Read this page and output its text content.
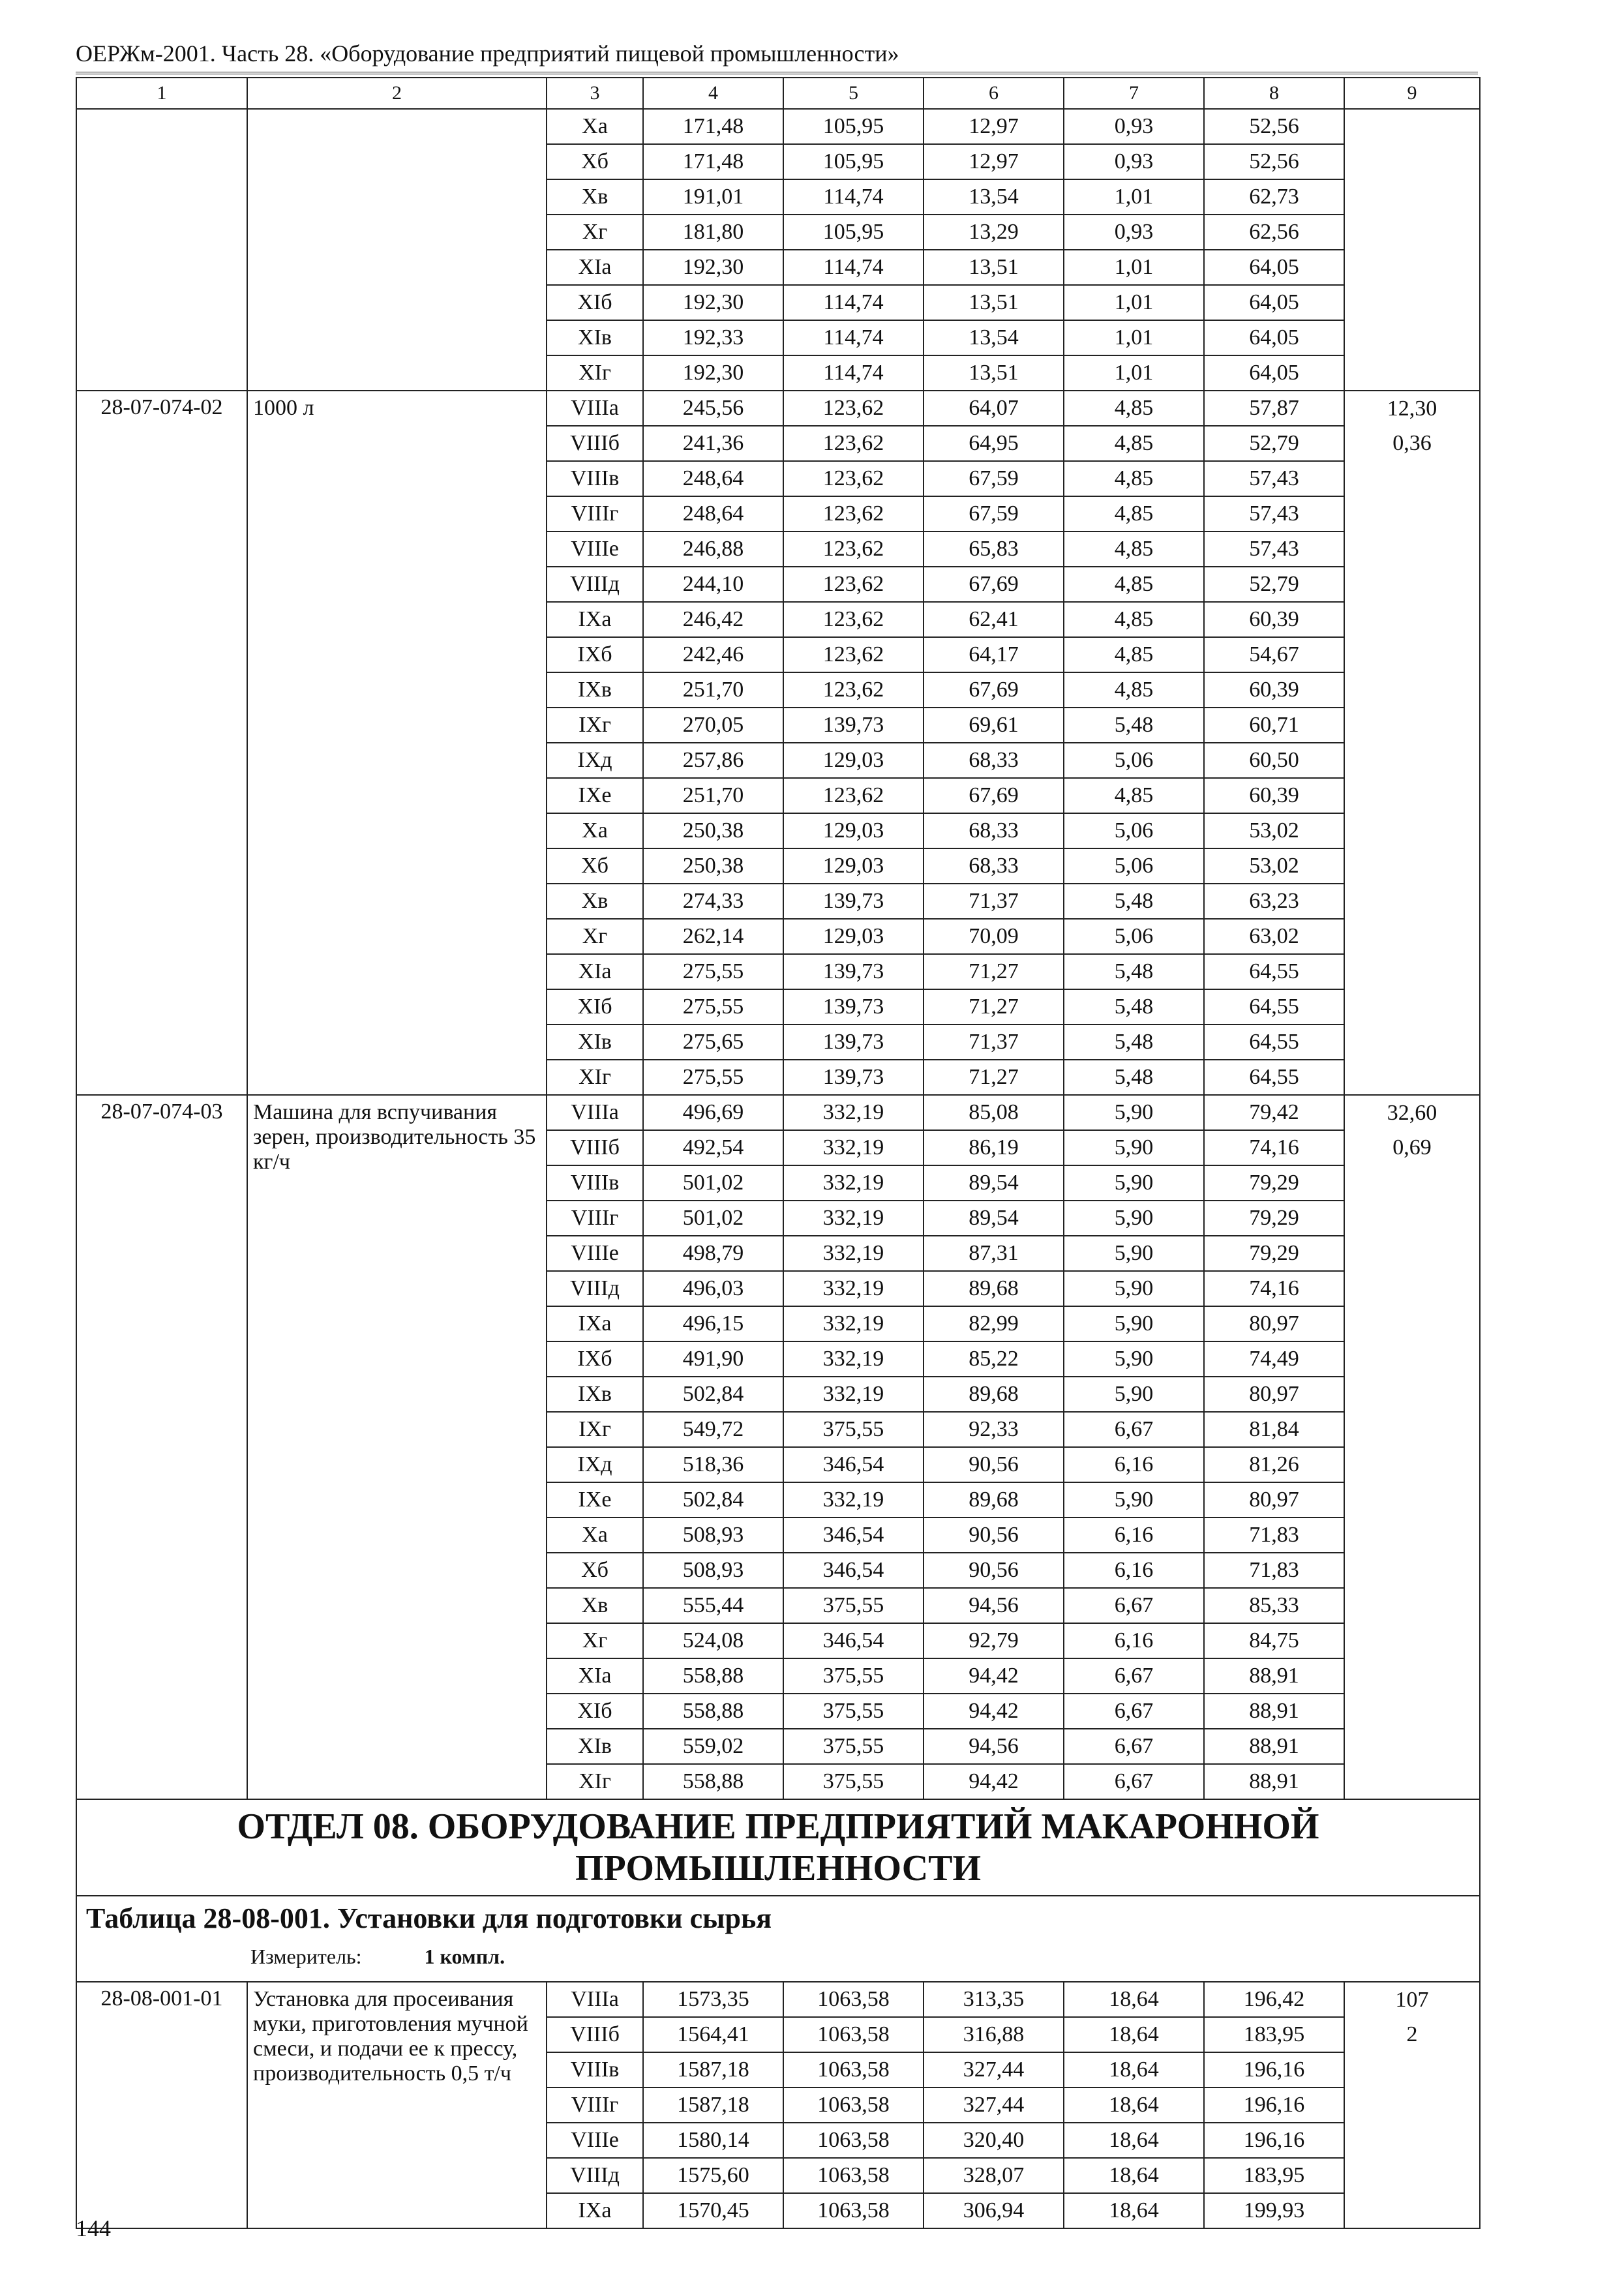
ОЕРЖм-2001. Часть 28. «Оборудование предприятий пищевой промышленности»
1	2	3	4	5	6	7	8	9
		Xа	171,48	105,95	12,97	0,93	52,56	
		Xб	171,48	105,95	12,97	0,93	52,56	
		Xв	191,01	114,74	13,54	1,01	62,73	
		Xг	181,80	105,95	13,29	0,93	62,56	
		XIа	192,30	114,74	13,51	1,01	64,05	
		XIб	192,30	114,74	13,51	1,01	64,05	
		XIв	192,33	114,74	13,54	1,01	64,05	
		XIг	192,30	114,74	13,51	1,01	64,05	
28-07-074-02	1000 л	VIIIа	245,56	123,62	64,07	4,85	57,87	12,30
		VIIIб	241,36	123,62	64,95	4,85	52,79	0,36
		VIIIв	248,64	123,62	67,59	4,85	57,43	
		VIIIг	248,64	123,62	67,59	4,85	57,43	
		VIIIе	246,88	123,62	65,83	4,85	57,43	
		VIIIд	244,10	123,62	67,69	4,85	52,79	
		IXа	246,42	123,62	62,41	4,85	60,39	
		IXб	242,46	123,62	64,17	4,85	54,67	
		IXв	251,70	123,62	67,69	4,85	60,39	
		IXг	270,05	139,73	69,61	5,48	60,71	
		IXд	257,86	129,03	68,33	5,06	60,50	
		IXе	251,70	123,62	67,69	4,85	60,39	
		Xа	250,38	129,03	68,33	5,06	53,02	
		Xб	250,38	129,03	68,33	5,06	53,02	
		Xв	274,33	139,73	71,37	5,48	63,23	
		Xг	262,14	129,03	70,09	5,06	63,02	
		XIа	275,55	139,73	71,27	5,48	64,55	
		XIб	275,55	139,73	71,27	5,48	64,55	
		XIв	275,65	139,73	71,37	5,48	64,55	
		XIг	275,55	139,73	71,27	5,48	64,55	
28-07-074-03	Машина для вспучивания зерен, производительность 35 кг/ч	VIIIа	496,69	332,19	85,08	5,90	79,42	32,60
		VIIIб	492,54	332,19	86,19	5,90	74,16	0,69
		VIIIв	501,02	332,19	89,54	5,90	79,29	
		VIIIг	501,02	332,19	89,54	5,90	79,29	
		VIIIе	498,79	332,19	87,31	5,90	79,29	
		VIIIд	496,03	332,19	89,68	5,90	74,16	
		IXа	496,15	332,19	82,99	5,90	80,97	
		IXб	491,90	332,19	85,22	5,90	74,49	
		IXв	502,84	332,19	89,68	5,90	80,97	
		IXг	549,72	375,55	92,33	6,67	81,84	
		IXд	518,36	346,54	90,56	6,16	81,26	
		IXе	502,84	332,19	89,68	5,90	80,97	
		Xа	508,93	346,54	90,56	6,16	71,83	
		Xб	508,93	346,54	90,56	6,16	71,83	
		Xв	555,44	375,55	94,56	6,67	85,33	
		Xг	524,08	346,54	92,79	6,16	84,75	
		XIа	558,88	375,55	94,42	6,67	88,91	
		XIб	558,88	375,55	94,42	6,67	88,91	
		XIв	559,02	375,55	94,56	6,67	88,91	
		XIг	558,88	375,55	94,42	6,67	88,91	
ОТДЕЛ 08. ОБОРУДОВАНИЕ ПРЕДПРИЯТИЙ МАКАРОННОЙ ПРОМЫШЛЕННОСТИ								

Таблица 28-08-001. Установки для подготовки сырья
Измеритель: 1 компл.								

28-08-001-01	Установка для просеивания муки, приготовления мучной смеси, и подачи ее к прессу, производительность 0,5 т/ч	VIIIа	1573,35	1063,58	313,35	18,64	196,42	107
		VIIIб	1564,41	1063,58	316,88	18,64	183,95	2
		VIIIв	1587,18	1063,58	327,44	18,64	196,16	
		VIIIг	1587,18	1063,58	327,44	18,64	196,16	
		VIIIе	1580,14	1063,58	320,40	18,64	196,16	
		VIIIд	1575,60	1063,58	328,07	18,64	183,95	
		IXа	1570,45	1063,58	306,94	18,64	199,93	
144
